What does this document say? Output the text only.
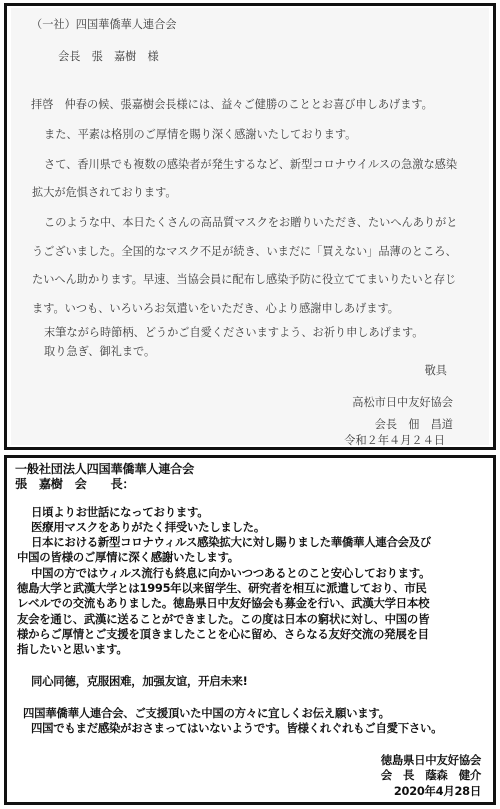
（一社）四国華僑華人連合会
会長　張　嘉樹　様
拝啓　仲春の候、張嘉樹会長様には、益々ご健勝のこととお喜び申しあげます。
また、平素は格別のご厚情を賜り深く感謝いたしております。
さて、香川県でも複数の感染者が発生するなど、新型コロナウイルスの急激な感染
拡大が危惧されております。
このような中、本日たくさんの高品質マスクをお贈りいただき、たいへんありがと
うございました。全国的なマスク不足が続き、いまだに「買えない」品薄のところ、
たいへん助かります。早速、当協会員に配布し感染予防に役立ててまいりたいと存じ
ます。いつも、いろいろお気遣いをいただき、心より感謝申しあげます。
末筆ながら時節柄、どうかご自愛くださいますよう、お祈り申しあげます。
取り急ぎ、御礼まで。
敬具
高松市日中友好協会
会長　佃　昌道
令和２年４月２４日
一般社団法人四国華僑華人連合会
張　嘉樹　会　　長：
日頃よりお世話になっております。
医療用マスクをありがたく拝受いたしました。
日本における新型コロナウィルス感染拡大に対し賜りました華僑華人連合会及び
中国の皆様のご厚情に深く感謝いたします。
中国の方ではウィルス流行も終息に向かいつつあるとのこと安心しております。
徳島大学と武漢大学とは1995年以来留学生、研究者を相互に派遣しており、市民
レベルでの交流もありました。徳島県日中友好協会も募金を行い、武漢大学日本校
友会を通じ、武漢に送ることができました。この度は日本の窮状に対し、中国の皆
様からご厚情とご支援を頂きましたことを心に留め、さらなる友好交流の発展を目
指したいと思います。
同心同德，克服困难，加强友谊，开启未来!
四国華僑華人連合会、ご支援頂いた中国の方々に宜しくお伝え願います。
四国でもまだ感染がおさまってはいないようです。皆様くれぐれもご自愛下さい。
徳島県日中友好協会
会　長　蔭森　健介
2020年4月28日
